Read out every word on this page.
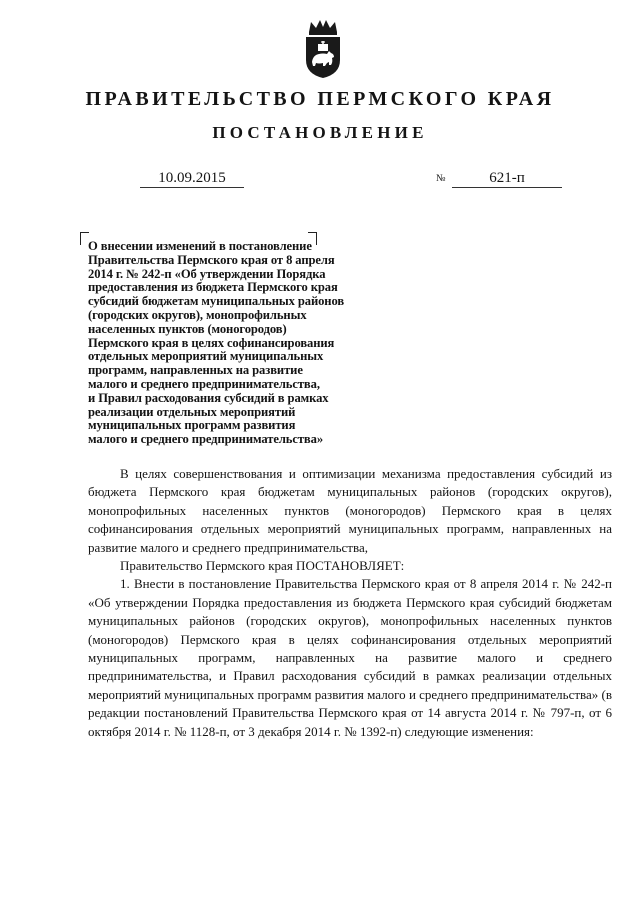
ПРАВИТЕЛЬСТВО ПЕРМСКОГО КРАЯ
ПОСТАНОВЛЕНИЕ
10.09.2015	№	621-п
О внесении изменений в постановление
Правительства Пермского края от 8 апреля
2014 г. № 242-п «Об утверждении Порядка
предоставления из бюджета Пермского края
субсидий бюджетам муниципальных районов
(городских округов), монопрофильных
населенных пунктов (моногородов)
Пермского края в целях софинансирования
отдельных мероприятий муниципальных
программ, направленных на развитие
малого и среднего предпринимательства,
и Правил расходования субсидий в рамках
реализации отдельных мероприятий
муниципальных программ развития
малого и среднего предпринимательства»

В целях совершенствования и оптимизации механизма предоставления субсидий из бюджета Пермского края бюджетам муниципальных районов (городских округов), монопрофильных населенных пунктов (моногородов) Пермского края в целях софинансирования отдельных мероприятий муниципальных программ, направленных на развитие малого и среднего предпринимательства,

Правительство Пермского края ПОСТАНОВЛЯЕТ:

1. Внести в постановление Правительства Пермского края от 8 апреля 2014 г. № 242-п «Об утверждении Порядка предоставления из бюджета Пермского края субсидий бюджетам муниципальных районов (городских округов), монопрофильных населенных пунктов (моногородов) Пермского края в целях софинансирования отдельных мероприятий муниципальных программ, направленных на развитие малого и среднего предпринимательства, и Правил расходования субсидий в рамках реализации отдельных мероприятий муниципальных программ развития малого и среднего предпринимательства» (в редакции постановлений Правительства Пермского края от 14 августа 2014 г. № 797-п, от 6 октября 2014 г. № 1128-п, от 3 декабря 2014 г. № 1392-п) следующие изменения:
